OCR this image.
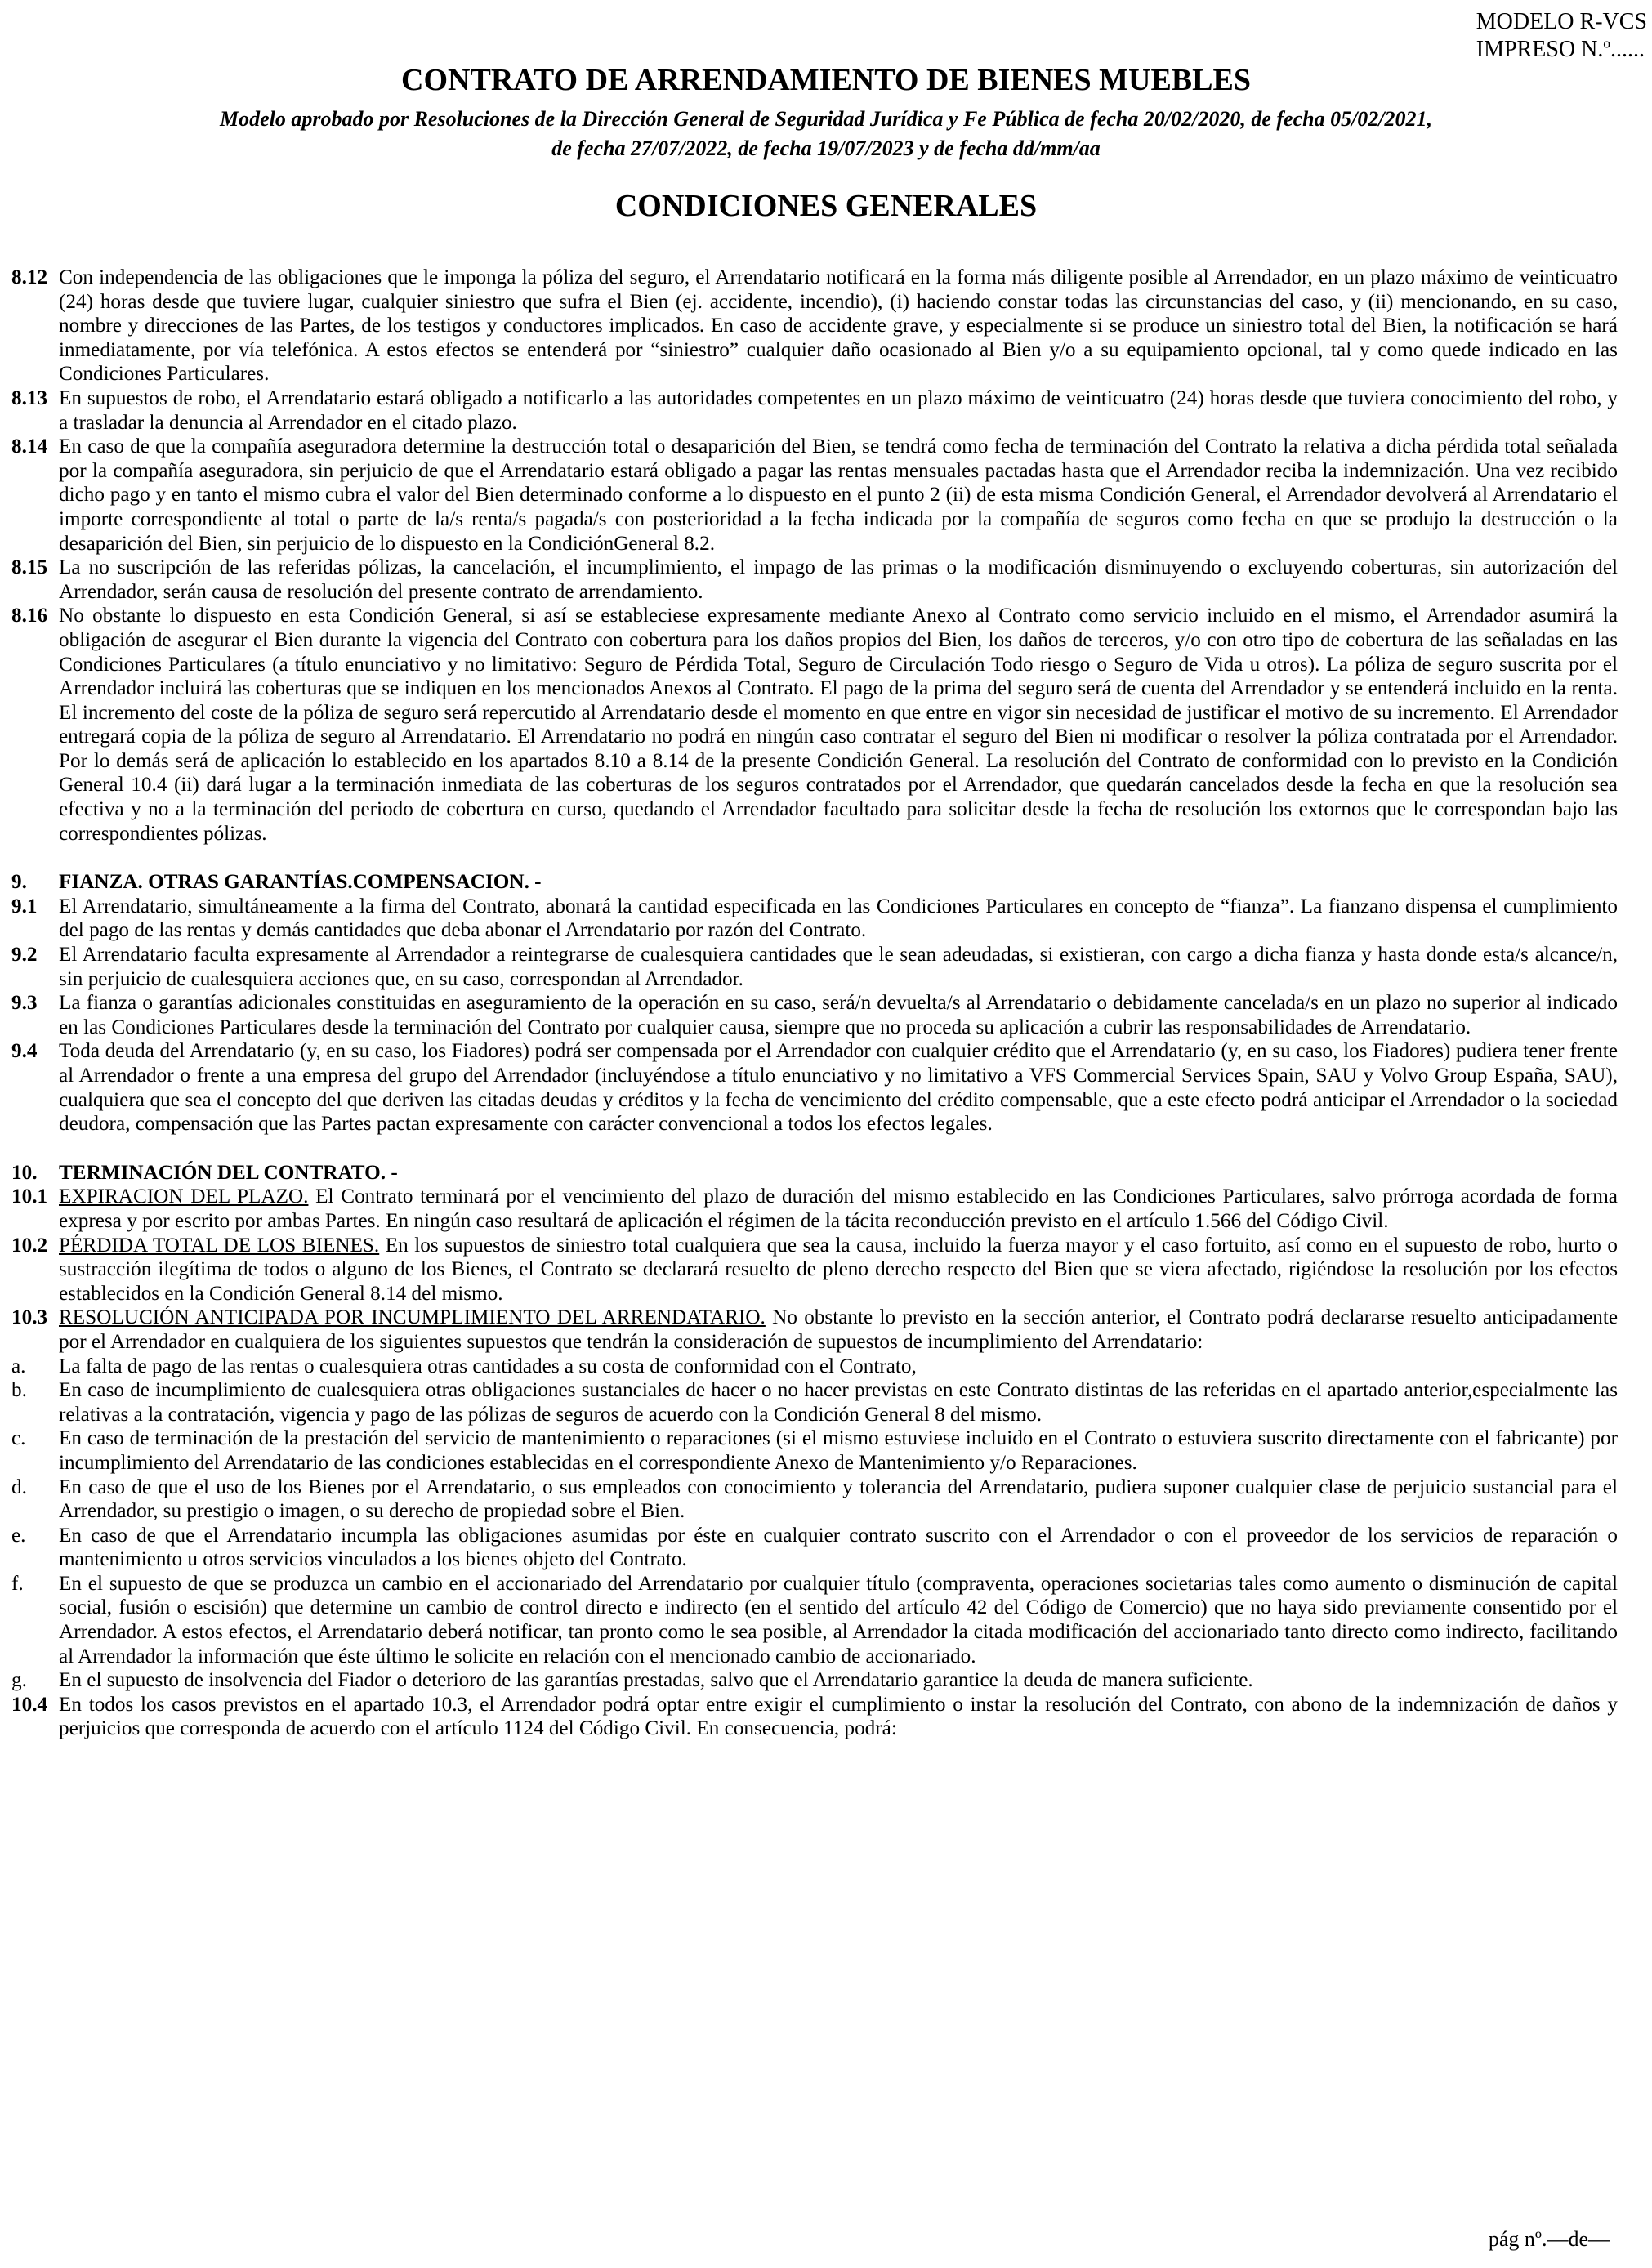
MODELO R-VCS
IMPRESO N.º......
CONTRATO DE ARRENDAMIENTO DE BIENES MUEBLES
Modelo aprobado por Resoluciones de la Dirección General de Seguridad Jurídica y Fe Pública de fecha 20/02/2020, de fecha 05/02/2021,
de fecha 27/07/2022, de fecha 19/07/2023 y de fecha dd/mm/aa
CONDICIONES GENERALES
8.12 Con independencia de las obligaciones que le imponga la póliza del seguro, el Arrendatario notificará en la forma más diligente posible al Arrendador, en un plazo máximo de veinticuatro (24) horas desde que tuviere lugar, cualquier siniestro que sufra el Bien (ej. accidente, incendio), (i) haciendo constar todas las circunstancias del caso, y (ii) mencionando, en su caso, nombre y direcciones de las Partes, de los testigos y conductores implicados. En caso de accidente grave, y especialmente si se produce un siniestro total del Bien, la notificación se hará inmediatamente, por vía telefónica. A estos efectos se entenderá por “siniestro” cualquier daño ocasionado al Bien y/o a su equipamiento opcional, tal y como quede indicado en las Condiciones Particulares.
8.13 En supuestos de robo, el Arrendatario estará obligado a notificarlo a las autoridades competentes en un plazo máximo de veinticuatro (24) horas desde que tuviera conocimiento del robo, y a trasladar la denuncia al Arrendador en el citado plazo.
8.14 En caso de que la compañía aseguradora determine la destrucción total o desaparición del Bien, se tendrá como fecha de terminación del Contrato la relativa a dicha pérdida total señalada por la compañía aseguradora, sin perjuicio de que el Arrendatario estará obligado a pagar las rentas mensuales pactadas hasta que el Arrendador reciba la indemnización. Una vez recibido dicho pago y en tanto el mismo cubra el valor del Bien determinado conforme a lo dispuesto en el punto 2 (ii) de esta misma Condición General, el Arrendador devolverá al Arrendatario el importe correspondiente al total o parte de la/s renta/s pagada/s con posterioridad a la fecha indicada por la compañía de seguros como fecha en que se produjo la destrucción o la desaparición del Bien, sin perjuicio de lo dispuesto en la CondiciónGeneral 8.2.
8.15 La no suscripción de las referidas pólizas, la cancelación, el incumplimiento, el impago de las primas o la modificación disminuyendo o excluyendo coberturas, sin autorización del Arrendador, serán causa de resolución del presente contrato de arrendamiento.
8.16 No obstante lo dispuesto en esta Condición General, si así se estableciese expresamente mediante Anexo al Contrato como servicio incluido en el mismo, el Arrendador asumirá la obligación de asegurar el Bien durante la vigencia del Contrato con cobertura para los daños propios del Bien, los daños de terceros, y/o con otro tipo de cobertura de las señaladas en las Condiciones Particulares (a título enunciativo y no limitativo: Seguro de Pérdida Total, Seguro de Circulación Todo riesgo o Seguro de Vida u otros). La póliza de seguro suscrita por el Arrendador incluirá las coberturas que se indiquen en los mencionados Anexos al Contrato. El pago de la prima del seguro será de cuenta del Arrendador y se entenderá incluido en la renta. El incremento del coste de la póliza de seguro será repercutido al Arrendatario desde el momento en que entre en vigor sin necesidad de justificar el motivo de su incremento. El Arrendador entregará copia de la póliza de seguro al Arrendatario. El Arrendatario no podrá en ningún caso contratar el seguro del Bien ni modificar o resolver la póliza contratada por el Arrendador. Por lo demás será de aplicación lo establecido en los apartados 8.10 a 8.14 de la presente Condición General. La resolución del Contrato de conformidad con lo previsto en la Condición General 10.4 (ii) dará lugar a la terminación inmediata de las coberturas de los seguros contratados por el Arrendador, que quedarán cancelados desde la fecha en que la resolución sea efectiva y no a la terminación del periodo de cobertura en curso, quedando el Arrendador facultado para solicitar desde la fecha de resolución los extornos que le correspondan bajo las correspondientes pólizas.
9. FIANZA. OTRAS GARANTÍAS.COMPENSACION. -
9.1 El Arrendatario, simultáneamente a la firma del Contrato, abonará la cantidad especificada en las Condiciones Particulares en concepto de “fianza”. La fianzano dispensa el cumplimiento del pago de las rentas y demás cantidades que deba abonar el Arrendatario por razón del Contrato.
9.2 El Arrendatario faculta expresamente al Arrendador a reintegrarse de cualesquiera cantidades que le sean adeudadas, si existieran, con cargo a dicha fianza y hasta donde esta/s alcance/n, sin perjuicio de cualesquiera acciones que, en su caso, correspondan al Arrendador.
9.3 La fianza o garantías adicionales constituidas en aseguramiento de la operación en su caso, será/n devuelta/s al Arrendatario o debidamente cancelada/s en un plazo no superior al indicado en las Condiciones Particulares desde la terminación del Contrato por cualquier causa, siempre que no proceda su aplicación a cubrir las responsabilidades de Arrendatario.
9.4 Toda deuda del Arrendatario (y, en su caso, los Fiadores) podrá ser compensada por el Arrendador con cualquier crédito que el Arrendatario (y, en su caso, los Fiadores) pudiera tener frente al Arrendador o frente a una empresa del grupo del Arrendador (incluyéndose a título enunciativo y no limitativo a VFS Commercial Services Spain, SAU y Volvo Group España, SAU), cualquiera que sea el concepto del que deriven las citadas deudas y créditos y la fecha de vencimiento del crédito compensable, que a este efecto podrá anticipar el Arrendador o la sociedad deudora, compensación que las Partes pactan expresamente con carácter convencional a todos los efectos legales.
10. TERMINACIÓN DEL CONTRATO. -
10.1 EXPIRACION DEL PLAZO. El Contrato terminará por el vencimiento del plazo de duración del mismo establecido en las Condiciones Particulares, salvo prórroga acordada de forma expresa y por escrito por ambas Partes. En ningún caso resultará de aplicación el régimen de la tácita reconducción previsto en el artículo 1.566 del Código Civil.
10.2 PÉRDIDA TOTAL DE LOS BIENES. En los supuestos de siniestro total cualquiera que sea la causa, incluido la fuerza mayor y el caso fortuito, así como en el supuesto de robo, hurto o sustracción ilegítima de todos o alguno de los Bienes, el Contrato se declarará resuelto de pleno derecho respecto del Bien que se viera afectado, rigiéndose la resolución por los efectos establecidos en la Condición General 8.14 del mismo.
10.3 RESOLUCIÓN ANTICIPADA POR INCUMPLIMIENTO DEL ARRENDATARIO. No obstante lo previsto en la sección anterior, el Contrato podrá declararse resuelto anticipadamente por el Arrendador en cualquiera de los siguientes supuestos que tendrán la consideración de supuestos de incumplimiento del Arrendatario:
a. La falta de pago de las rentas o cualesquiera otras cantidades a su costa de conformidad con el Contrato,
b. En caso de incumplimiento de cualesquiera otras obligaciones sustanciales de hacer o no hacer previstas en este Contrato distintas de las referidas en el apartado anterior,especialmente las relativas a la contratación, vigencia y pago de las pólizas de seguros de acuerdo con la Condición General 8 del mismo.
c. En caso de terminación de la prestación del servicio de mantenimiento o reparaciones (si el mismo estuviese incluido en el Contrato o estuviera suscrito directamente con el fabricante) por incumplimiento del Arrendatario de las condiciones establecidas en el correspondiente Anexo de Mantenimiento y/o Reparaciones.
d. En caso de que el uso de los Bienes por el Arrendatario, o sus empleados con conocimiento y tolerancia del Arrendatario, pudiera suponer cualquier clase de perjuicio sustancial para el Arrendador, su prestigio o imagen, o su derecho de propiedad sobre el Bien.
e. En caso de que el Arrendatario incumpla las obligaciones asumidas por éste en cualquier contrato suscrito con el Arrendador o con el proveedor de los servicios de reparación o mantenimiento u otros servicios vinculados a los bienes objeto del Contrato.
f. En el supuesto de que se produzca un cambio en el accionariado del Arrendatario por cualquier título (compraventa, operaciones societarias tales como aumento o disminución de capital social, fusión o escisión) que determine un cambio de control directo e indirecto (en el sentido del artículo 42 del Código de Comercio) que no haya sido previamente consentido por el Arrendador. A estos efectos, el Arrendatario deberá notificar, tan pronto como le sea posible, al Arrendador la citada modificación del accionariado tanto directo como indirecto, facilitando al Arrendador la información que éste último le solicite en relación con el mencionado cambio de accionariado.
g. En el supuesto de insolvencia del Fiador o deterioro de las garantías prestadas, salvo que el Arrendatario garantice la deuda de manera suficiente.
10.4 En todos los casos previstos en el apartado 10.3, el Arrendador podrá optar entre exigir el cumplimiento o instar la resolución del Contrato, con abono de la indemnización de daños y perjuicios que corresponda de acuerdo con el artículo 1124 del Código Civil. En consecuencia, podrá:
pág nº.—de—
